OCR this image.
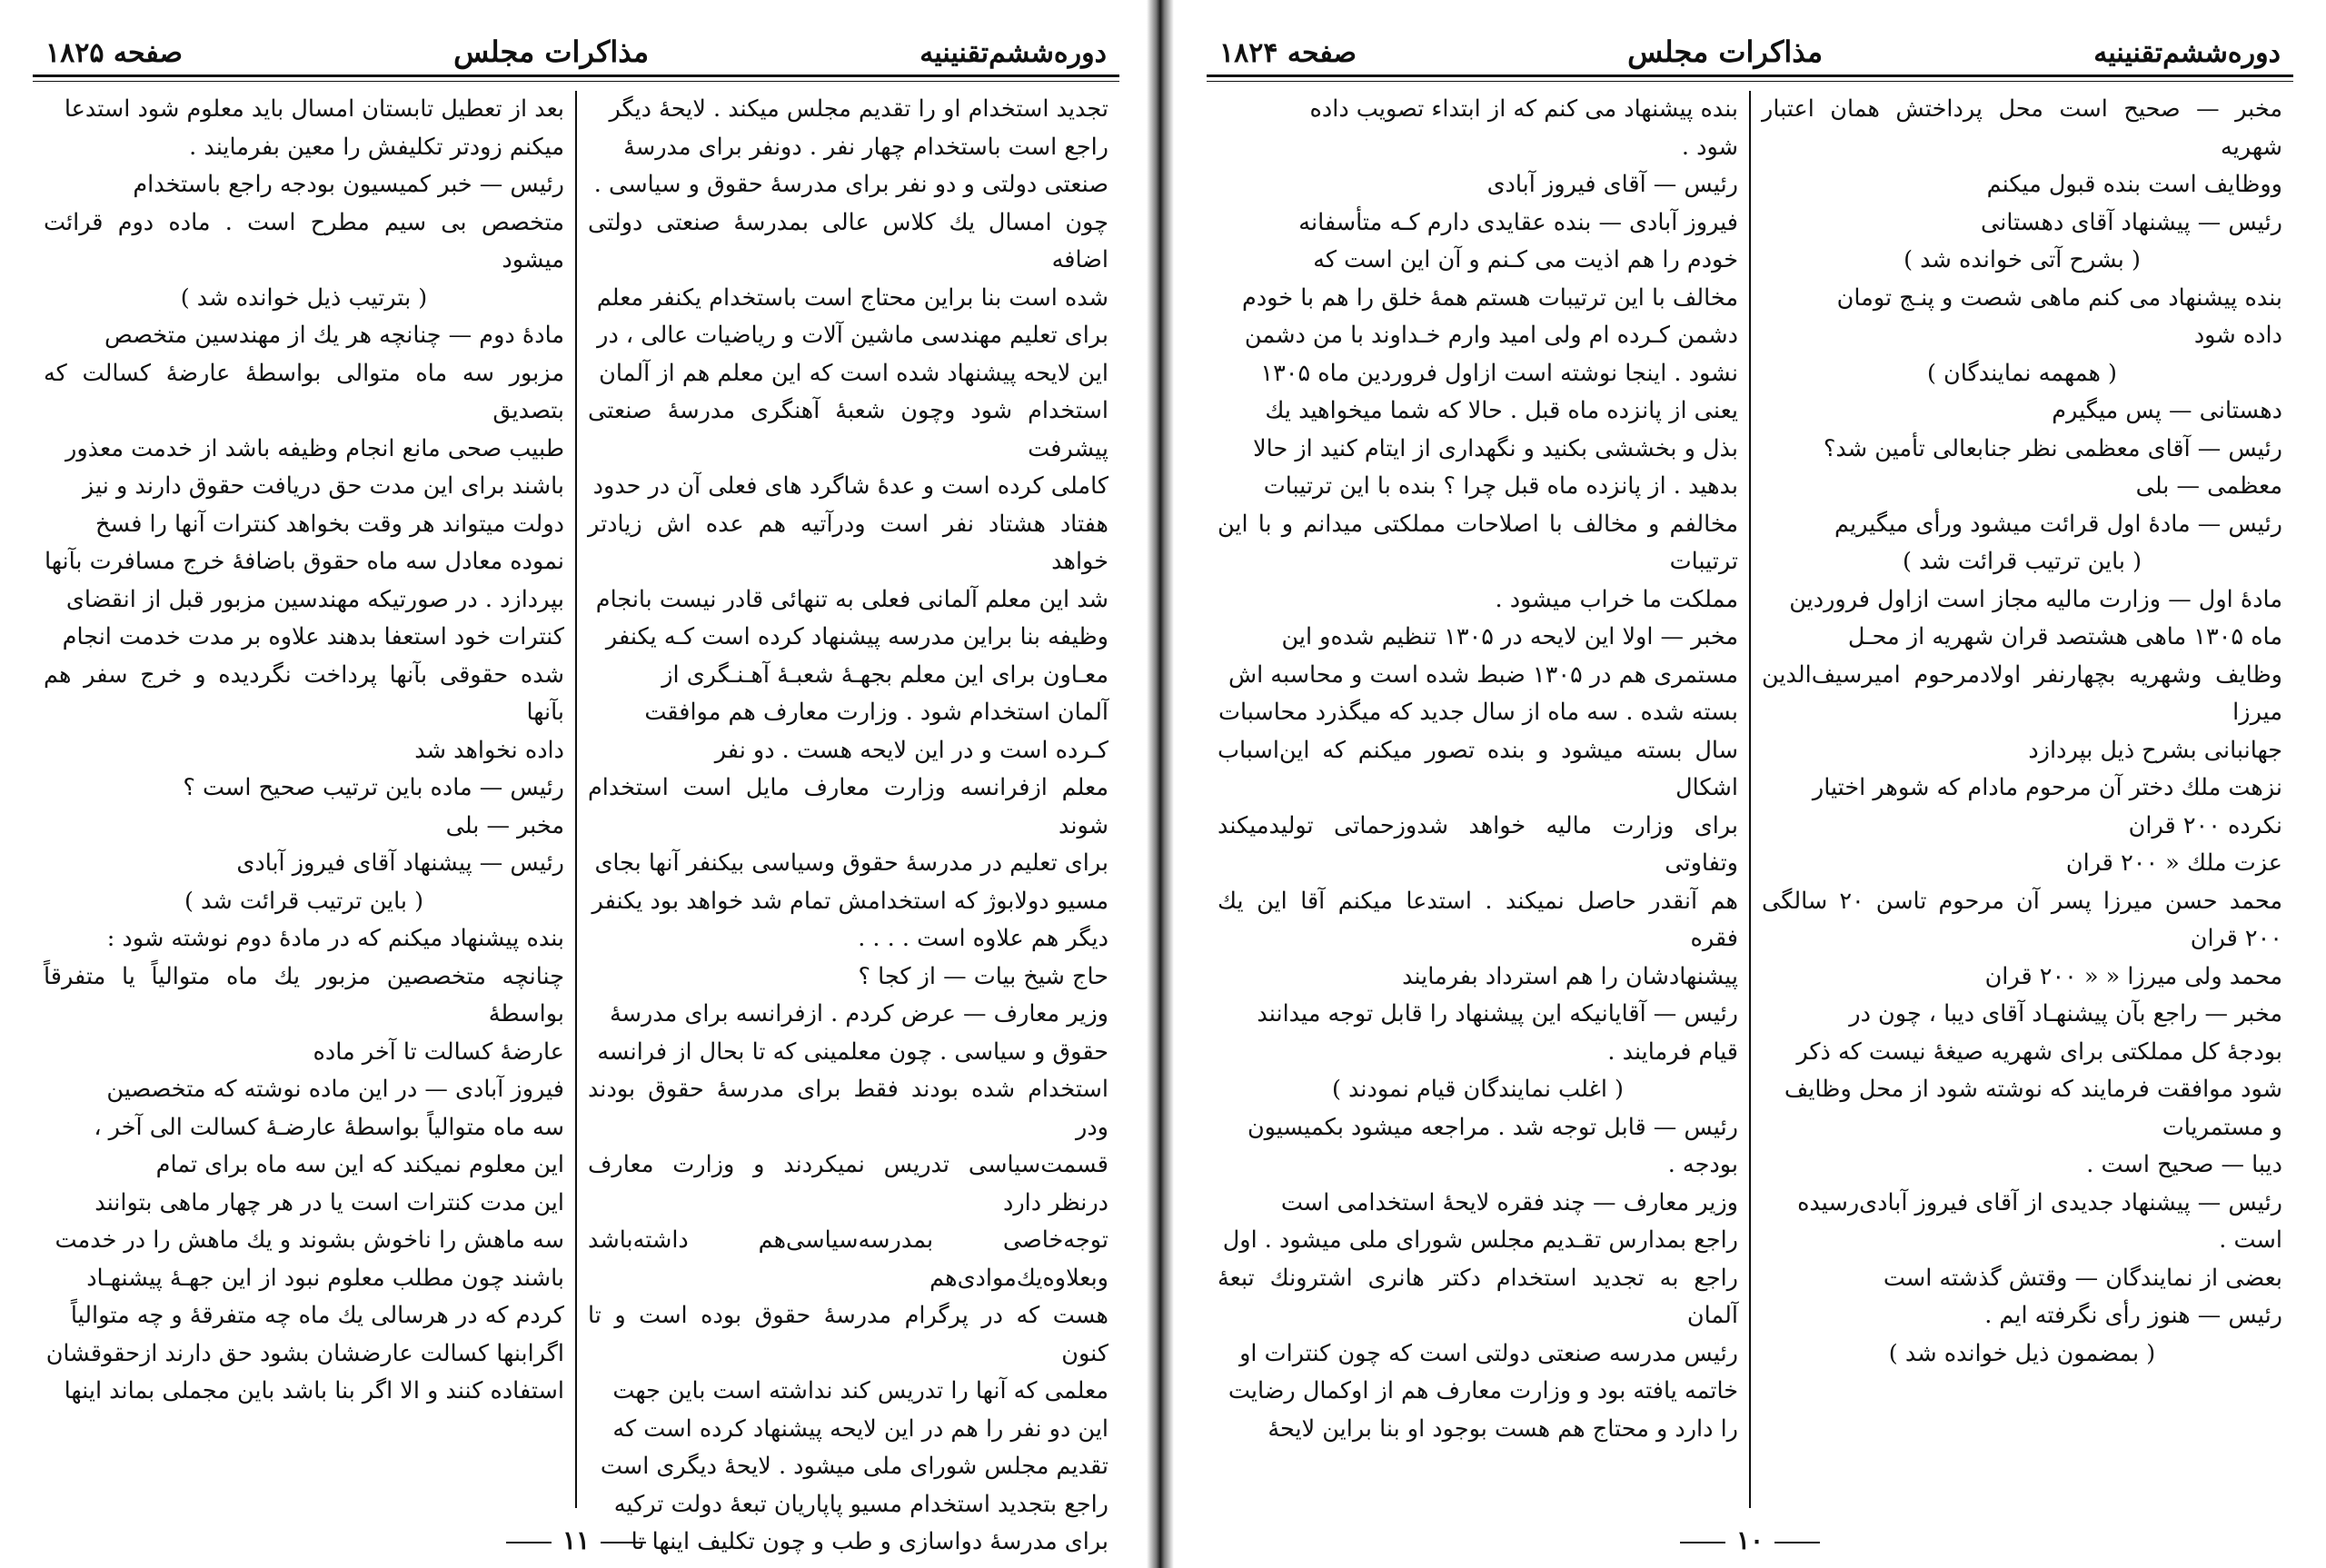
دوره‌ششم‌تقنینیه
مذاکرات مجلس
صفحه ۱۸۲۵

تجدید استخدام او را تقدیم مجلس میکند . لایحهٔ دیگر

راجع است باستخدام چهار نفر . دونفر برای مدرسهٔ

صنعتی دولتی و دو نفر برای مدرسهٔ حقوق و سیاسی .

چون امسال یك کلاس عالی بمدرسهٔ صنعتی دولتی اضافه

شده است بنا براین محتاج است باستخدام یکنفر معلم

برای تعلیم مهندسی ماشین آلات و ریاضیات عالی ، در

این لایحه پیشنهاد شده است که این معلم هم از آلمان

استخدام شود وچون شعبهٔ آهنگری مدرسهٔ صنعتی پیشرفت

کاملی کرده است و عدهٔ شاگرد های فعلی آن در حدود

هفتاد هشتاد نفر است ودرآتیه هم عده اش زیادتر خواهد

شد این معلم آلمانی فعلی به تنهائی قادر نیست بانجام

وظیفه بنا براین مدرسه پیشنهاد کرده است کـه یکنفر

معـاون برای این معلم بجهـهٔ شعبـهٔ آهـنـگری از

آلمان استخدام شود . وزارت معارف هم موافقت

کـرده است و در این لایحه هست . دو نفر

معلم ازفرانسه وزارت معارف مایل است استخدام شوند

برای تعلیم در مدرسهٔ حقوق وسیاسی بیکنفر آنها بجای

مسیو دولابوژ که استخدامش تمام شد خواهد بود یکنفر

دیگر هم علاوه است . . . .

حاج شیخ بیات — از کجا ؟

وزیر معارف — عرض کردم . ازفرانسه برای مدرسهٔ

حقوق و سیاسی . چون معلمینی که تا بحال از فرانسه

استخدام شده بودند فقط برای مدرسهٔ حقوق بودند ودر

قسمت‌سیاسی تدریس نمیکردند و وزارت معارف درنظر دارد

توجه‌خاصی بمدرسه‌سیاسی‌هم داشته‌باشد وبعلاوه‌یك‌موادی‌هم

هست که در پرگرام مدرسهٔ حقوق بوده است و تا کنون

معلمی که آنها را تدریس کند نداشته است باین جهت

این دو نفر را هم در این لایحه پیشنهاد کرده است که

تقدیم مجلس شورای ملی میشود . لایحهٔ دیگری است

راجع بتجدید استخدام مسیو پاپاریان تبعهٔ دولت ترکیه

برای مدرسهٔ دواسازی و طب و چون تکلیف اینها تا

بعد از تعطیل تابستان امسال باید معلوم شود استدعا

میکنم زودتر تکلیفش را معین بفرمایند .

رئیس — خبر کمیسیون بودجه راجع باستخدام

متخصص بی سیم مطرح است . ماده دوم قرائت میشود

( بترتیب ذیل خوانده شد )

مادهٔ دوم — چنانچه هر یك از مهندسین متخصص

مزبور سه ماه متوالی بواسطهٔ عارضهٔ کسالت که بتصدیق

طبیب صحی مانع انجام وظیفه باشد از خدمت معذور

باشند برای این مدت حق دریافت حقوق دارند و نیز

دولت میتواند هر وقت بخواهد کنترات آنها را فسخ

نموده معادل سه ماه حقوق باضافهٔ خرج مسافرت بآنها

بپردازد . در صورتیکه مهندسین مزبور قبل از انقضای

کنترات خود استعفا بدهند علاوه بر مدت خدمت انجام

شده حقوقی بآنها پرداخت نگردیده و خرج سفر هم بآنها

داده نخواهد شد

رئیس — ماده باین ترتیب صحیح است ؟

مخبر — بلی

رئیس — پیشنهاد آقای فیروز آبادی

( باین ترتیب قرائت شد )

بنده پیشنهاد میکنم که در مادهٔ دوم نوشته شود :

چنانچه متخصصین مزبور یك ماه متوالیاً یا متفرقاً بواسطهٔ

عارضهٔ کسالت تا آخر ماده

فیروز آبادی — در این ماده نوشته که متخصصین

سه ماه متوالیاً بواسطهٔ عارضـهٔ کسالت الی آخر ،

این معلوم نمیکند که این سه ماه برای تمام

این مدت کنترات است یا در هر چهار ماهی بتوانند

سه ماهش را ناخوش بشوند و یك ماهش را در خدمت

باشند چون مطلب معلوم نبود از این جهـهٔ پیشنهـاد

کردم که در هرسالی یك ماه چه متفرقهٔ و چه متوالیاً

اگرابنها کسالت عارضشان بشود حق دارند ازحقوقشان

استفاده کنند و الا اگر بنا باشد باین مجملی بماند اینها

۱۱
دوره‌ششم‌تقنینیه
مذاکرات مجلس
صفحه ۱۸۲۴

مخبر — صحیح است محل پرداختش همان اعتبار شهریه

ووظایف است بنده قبول میکنم

رئیس — پیشنهاد آقای دهستانی

( بشرح آتی خوانده شد )

بنده پیشنهاد می کنم ماهی شصت و پنـج تومان

داده شود

( همهمه نمایندگان )

دهستانی — پس میگیرم

رئیس — آقای معظمی نظر جنابعالی تأمین شد؟

معظمی — بلی

رئیس — مادهٔ اول قرائت میشود ورأی میگیریم

( باین ترتیب قرائت شد )

مادهٔ اول — وزارت مالیه مجاز است ازاول فروردین

ماه ۱۳۰۵ ماهی هشتصد قران شهریه از محـل

وظایف وشهریه بچهارنفر اولادمرحوم امیرسیف‌الدین میرزا

جهانبانی بشرح ذیل بپردازد

نزهت ملك دختر آن مرحوم مادام که شوهر اختیار

نکرده ۲۰۰ قران

عزت ملك « ۲۰۰ قران

محمد حسن میرزا پسر آن مرحوم تاسن ۲۰ سالگی ۲۰۰ قران

محمد ولی میرزا « « ۲۰۰ قران

مخبر — راجع بآن پیشنهـاد آقای دیبا ، چون در

بودجهٔ کل مملکتی برای شهریه صیغهٔ نیست که ذکر

شود موافقت فرمایند که نوشته شود از محل وظایف

و مستمریات

دیبا — صحیح است .

رئیس — پیشنهاد جدیدی از آقای فیروز آبادی‌رسیده

است .

بعضی از نمایندگان — وقتش گذشته است

رئیس — هنوز رأی نگرفته ایم .

( بمضمون ذیل خوانده شد )

بنده پیشنهاد می کنم که از ابتداء تصویب داده

شود .

رئیس — آقای فیروز آبادی

فیروز آبادی — بنده عقایدی دارم کـه متأسفانه

خودم را هم اذیت می کـنم و آن این است که

مخالف با این ترتیبات هستم همهٔ خلق را هم با خودم

دشمن کـرده ام ولی امید وارم خـداوند با من دشمن

نشود . اینجا نوشته است ازاول فروردین ماه ۱۳۰۵

یعنی از پانزده ماه قبل . حالا که شما میخواهید یك

بذل و بخششی بکنید و نگهداری از ایتام کنید از حالا

بدهید . از پانزده ماه قبل چرا ؟ بنده با این ترتیبات

مخالفم و مخالف با اصلاحات مملکتی میدانم و با این ترتیبات

مملکت ما خراب میشود .

مخبر — اولا این لایحه در ۱۳۰۵ تنظیم شده‌و این

مستمری هم در ۱۳۰۵ ضبط شده است و محاسبه اش

بسته شده . سه ماه از سال جدید که میگذرد محاسبات

سال بسته میشود و بنده تصور میکنم که این‌اسباب اشکال

برای وزارت مالیه خواهد شد‌وزحماتی تولیدمیکند وتفاوتی

هم آنقدر حاصل نمیکند . استدعا میکنم آقا این یك فقره

پیشنهادشان را هم استرداد بفرمایند

رئیس — آقایانیکه این پیشنهاد را قابل توجه میدانند

قیام فرمایند .

( اغلب نمایندگان قیام نمودند )

رئیس — قابل توجه شد . مراجعه میشود بکمیسیون

بودجه .

وزیر معارف — چند فقره لایحهٔ استخدامی است

راجع بمدارس تقـدیم مجلس شورای ملی میشود . اول

راجع به تجدید استخدام دکتر هانری اشترونك تبعهٔ آلمان

رئیس مدرسه صنعتی دولتی است که چون کنترات او

خاتمه یافته بود و وزارت معارف هم از اوکمال رضایت

را دارد و محتاج هم هست بوجود او بنا براین لایحهٔ

۱۰
